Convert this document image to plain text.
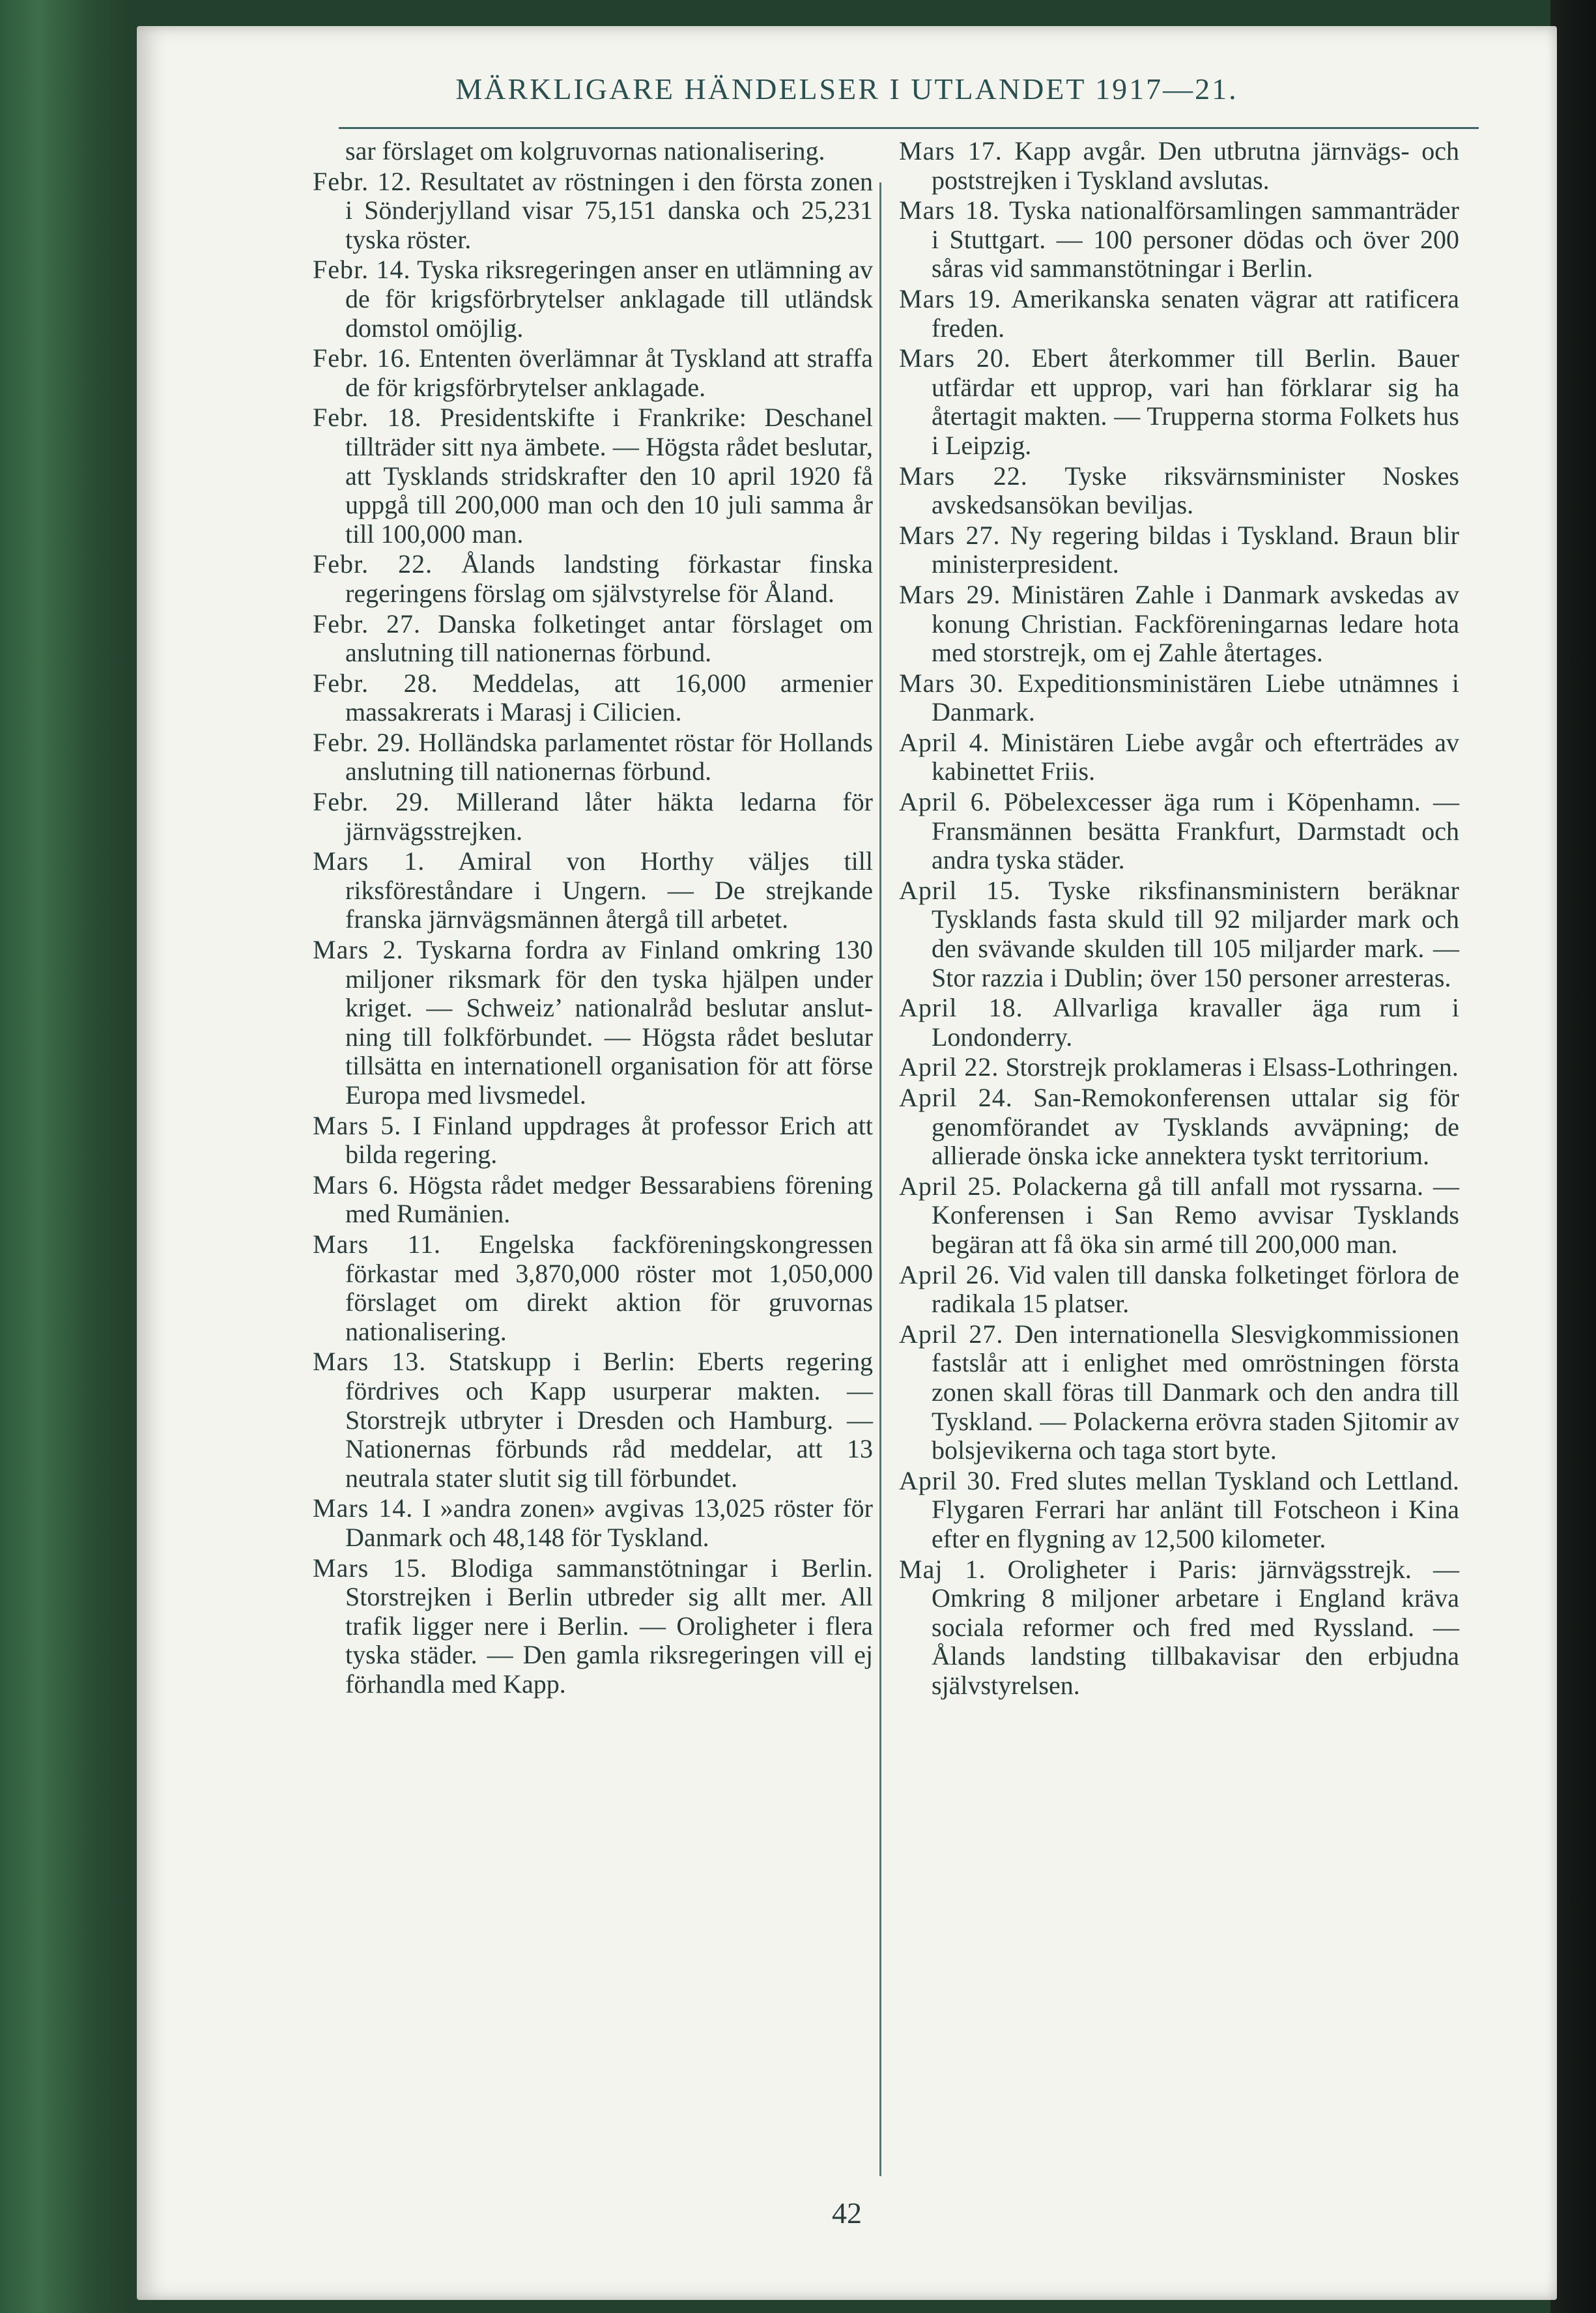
MÄRKLIGARE HÄNDELSER I UTLANDET 1917—21.

sar förslaget om kolgruvornas nationalisering.

Febr. 12. Resultatet av röstningen i den första zonen i Sönderjylland visar 75,151 danska och 25,231 tyska röster.

Febr. 14. Tyska riksregeringen anser en utlämning av de för krigsförbrytelser anklagade till utländsk domstol omöjlig.

Febr. 16. Ententen överlämnar åt Tyskland att straffa de för krigsförbrytelser anklagade.

Febr. 18. Presidentskifte i Frankrike: Deschanel tillträder sitt nya ämbete. — Högsta rådet beslutar, att Tysklands stridskrafter den 10 april 1920 få uppgå till 200,000 man och den 10 juli samma år till 100,000 man.

Febr. 22. Ålands landsting förkastar finska regeringens förslag om självstyrelse för Åland.

Febr. 27. Danska folketinget antar förslaget om anslutning till nationernas förbund.

Febr. 28. Meddelas, att 16,000 armenier massakrerats i Marasj i Cilicien.

Febr. 29. Holländska parlamentet röstar för Hollands anslutning till nationernas förbund.

Febr. 29. Millerand låter häkta ledarna för järnvägsstrejken.

Mars 1. Amiral von Horthy väljes till riksföreståndare i Ungern. — De strejkande franska järnvägsmännen återgå till arbetet.

Mars 2. Tyskarna fordra av Finland omkring 130 miljoner riksmark för den tyska hjälpen under kriget. — Schweiz’ nationalråd beslutar anslutning till folkförbundet. — Högsta rådet beslutar tillsätta en internationell organisation för att förse Europa med livsmedel.

Mars 5. I Finland uppdrages åt professor Erich att bilda regering.

Mars 6. Högsta rådet medger Bessarabiens förening med Rumänien.

Mars 11. Engelska fackföreningskongressen förkastar med 3,870,000 röster mot 1,050,000 förslaget om direkt aktion för gruvornas nationalisering.

Mars 13. Statskupp i Berlin: Eberts regering fördrives och Kapp usurperar makten. — Storstrejk utbryter i Dresden och Hamburg. — Nationernas förbunds råd meddelar, att 13 neutrala stater slutit sig till förbundet.

Mars 14. I »andra zonen» avgivas 13,025 röster för Danmark och 48,148 för Tyskland.

Mars 15. Blodiga sammanstötningar i Berlin. Storstrejken i Berlin utbreder sig allt mer. All trafik ligger nere i Berlin. — Oroligheter i flera tyska städer. — Den gamla riksregeringen vill ej förhandla med Kapp.

Mars 17. Kapp avgår. Den utbrutna järnvägs- och poststrejken i Tyskland avslutas.

Mars 18. Tyska nationalförsamlingen sammanträder i Stuttgart. — 100 personer dödas och över 200 såras vid sammanstötningar i Berlin.

Mars 19. Amerikanska senaten vägrar att ratificera freden.

Mars 20. Ebert återkommer till Berlin. Bauer utfärdar ett upprop, vari han förklarar sig ha återtagit makten. — Trupperna storma Folkets hus i Leipzig.

Mars 22. Tyske riksvärnsminister Noskes avskedsansökan beviljas.

Mars 27. Ny regering bildas i Tyskland. Braun blir ministerpresident.

Mars 29. Ministären Zahle i Danmark avskedas av konung Christian. Fackföreningarnas ledare hota med storstrejk, om ej Zahle återtages.

Mars 30. Expeditionsministären Liebe utnämnes i Danmark.

April 4. Ministären Liebe avgår och efterträdes av kabinettet Friis.

April 6. Pöbelexcesser äga rum i Köpenhamn. — Fransmännen besätta Frankfurt, Darmstadt och andra tyska städer.

April 15. Tyske riksfinansministern beräknar Tysklands fasta skuld till 92 miljarder mark och den svävande skulden till 105 miljarder mark. — Stor razzia i Dublin; över 150 personer arresteras.

April 18. Allvarliga kravaller äga rum i Londonderry.

April 22. Storstrejk proklameras i Elsass-Lothringen.

April 24. San-Remokonferensen uttalar sig för genomförandet av Tysklands avväpning; de allierade önska icke annektera tyskt territorium.

April 25. Polackerna gå till anfall mot ryssarna. — Konferensen i San Remo avvisar Tysklands begäran att få öka sin armé till 200,000 man.

April 26. Vid valen till danska folketinget förlora de radikala 15 platser.

April 27. Den internationella Slesvigkommissionen fastslår att i enlighet med omröstningen första zonen skall föras till Danmark och den andra till Tyskland. — Polackerna erövra staden Sjitomir av bolsjevikerna och taga stort byte.

April 30. Fred slutes mellan Tyskland och Lettland. Flygaren Ferrari har anlänt till Fotscheon i Kina efter en flygning av 12,500 kilometer.

Maj 1. Oroligheter i Paris: järnvägsstrejk. — Omkring 8 miljoner arbetare i England kräva sociala reformer och fred med Ryssland. — Ålands landsting tillbakavisar den erbjudna självstyrelsen.

42
